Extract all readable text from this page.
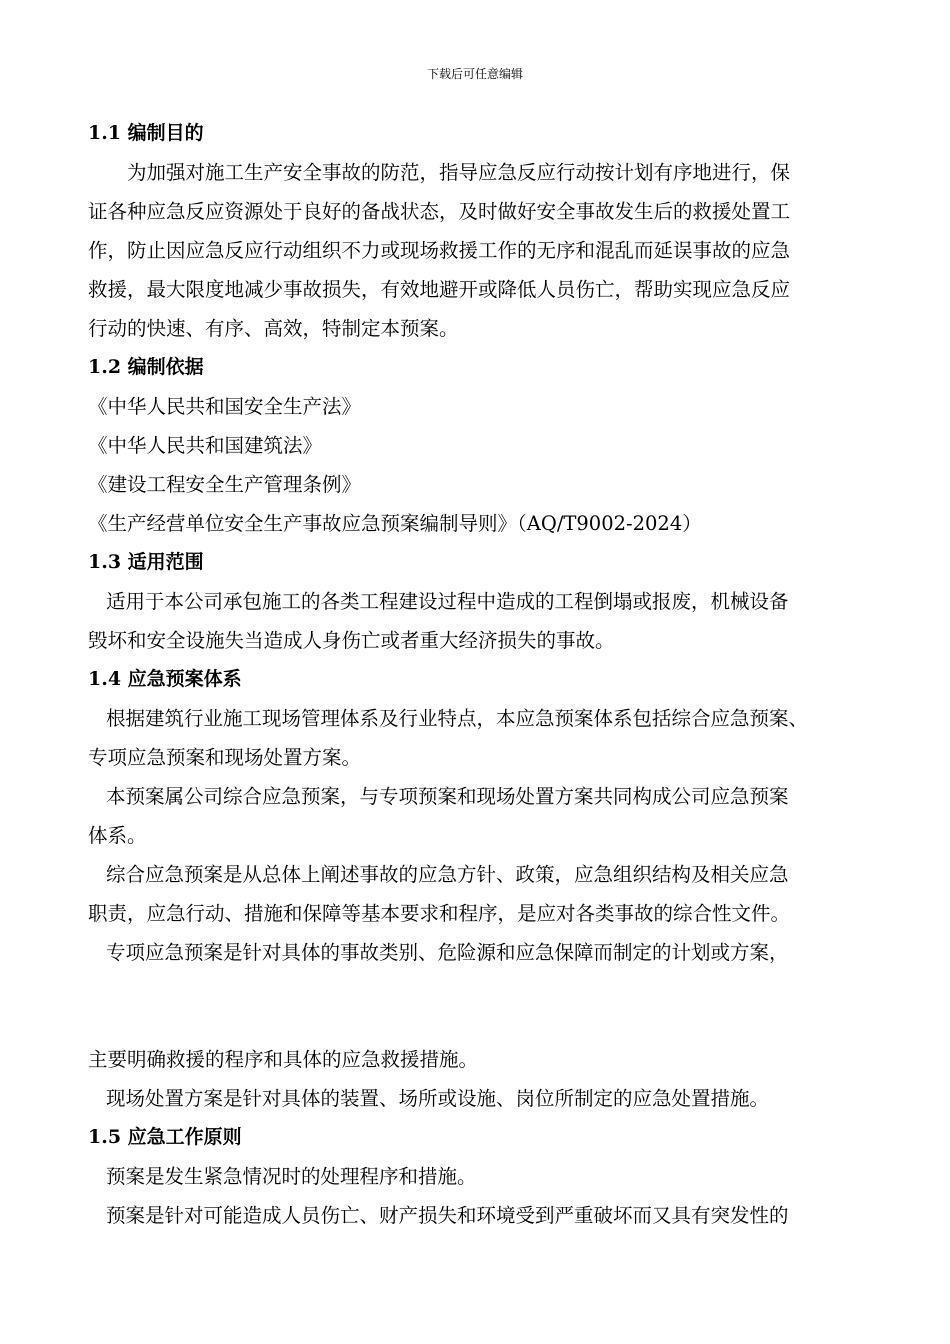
下载后可任意编辑
1.1 编制目的
为加强对施工生产安全事故的防范，指导应急反应行动按计划有序地进行，保
证各种应急反应资源处于良好的备战状态，及时做好安全事故发生后的救援处置工
作，防止因应急反应行动组织不力或现场救援工作的无序和混乱而延误事故的应急
救援，最大限度地减少事故损失，有效地避开或降低人员伤亡，帮助实现应急反应
行动的快速、有序、高效，特制定本预案。
1.2 编制依据
《中华人民共和国安全生产法》
《中华人民共和国建筑法》
《建设工程安全生产管理条例》
《生产经营单位安全生产事故应急预案编制导则》（AQ/T9002-2024）
1.3 适用范围
适用于本公司承包施工的各类工程建设过程中造成的工程倒塌或报废，机械设备
毁坏和安全设施失当造成人身伤亡或者重大经济损失的事故。
1.4 应急预案体系
根据建筑行业施工现场管理体系及行业特点，本应急预案体系包括综合应急预案、
专项应急预案和现场处置方案。
本预案属公司综合应急预案，与专项预案和现场处置方案共同构成公司应急预案
体系。
综合应急预案是从总体上阐述事故的应急方针、政策，应急组织结构及相关应急
职责，应急行动、措施和保障等基本要求和程序，是应对各类事故的综合性文件。
专项应急预案是针对具体的事故类别、危险源和应急保障而制定的计划或方案，
主要明确救援的程序和具体的应急救援措施。
现场处置方案是针对具体的装置、场所或设施、岗位所制定的应急处置措施。
1.5 应急工作原则
预案是发生紧急情况时的处理程序和措施。
预案是针对可能造成人员伤亡、财产损失和环境受到严重破坏而又具有突发性的
